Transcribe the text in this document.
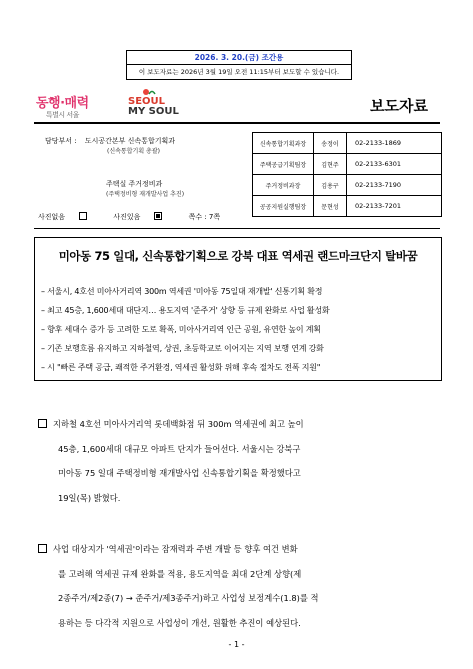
2026. 3. 20.(금) 조간용
이 보도자료는 2026년 3월 19일 오전 11:15부터 보도할 수 있습니다.
동행·매력
특별시 서울
SEOUL
MY SOUL	보도자료
담당부서 : 도시공간본부 신속통합기획과
(신속통합기획 총괄)
주택실 주거정비과
(주택정비형 재개발사업 추진)
신속통합기획과장	송정이	02-2133-1869
주택공급기획팀장	김현주	02-2133-6301
주거정비과장	김용구	02-2133-7190
공공지원실행팀장	문현성	02-2133-7201
사진없음	사진있음	쪽수 : 7쪽
미아동 75 일대, 신속통합기획으로 강북 대표 역세권 랜드마크단지 탈바꿈
– 서울시, 4호선 미아사거리역 300m 역세권 '미아동 75일대 재개발' 신통기획 확정
– 최고 45층, 1,600세대 대단지… 용도지역 '준주거' 상향 등 규제 완화로 사업 활성화
– 향후 세대수 증가 등 고려한 도로 확폭, 미아사거리역 인근 공원, 유연한 높이 계획
– 기존 보행흐름 유지하고 지하철역, 상권, 초등학교로 이어지는 지역 보행 연계 강화
– 시 "빠른 주택 공급, 쾌적한 주거환경, 역세권 활성화 위해 후속 절차도 전폭 지원"
지하철 4호선 미아사거리역 롯데백화점 뒤 300m 역세권에 최고 높이
45층, 1,600세대 대규모 아파트 단지가 들어선다. 서울시는 강북구
미아동 75 일대 주택정비형 재개발사업 신속통합기획을 확정했다고
19일(목) 밝혔다.
사업 대상지가 '역세권'이라는 잠재력과 주변 개발 등 향후 여건 변화
를 고려해 역세권 규제 완화를 적용, 용도지역을 최대 2단계 상향(제
2종주거/제2종(7) → 준주거/제3종주거)하고 사업성 보정계수(1.8)를 적
용하는 등 다각적 지원으로 사업성이 개선, 원활한 추진이 예상된다.
- 1 -
